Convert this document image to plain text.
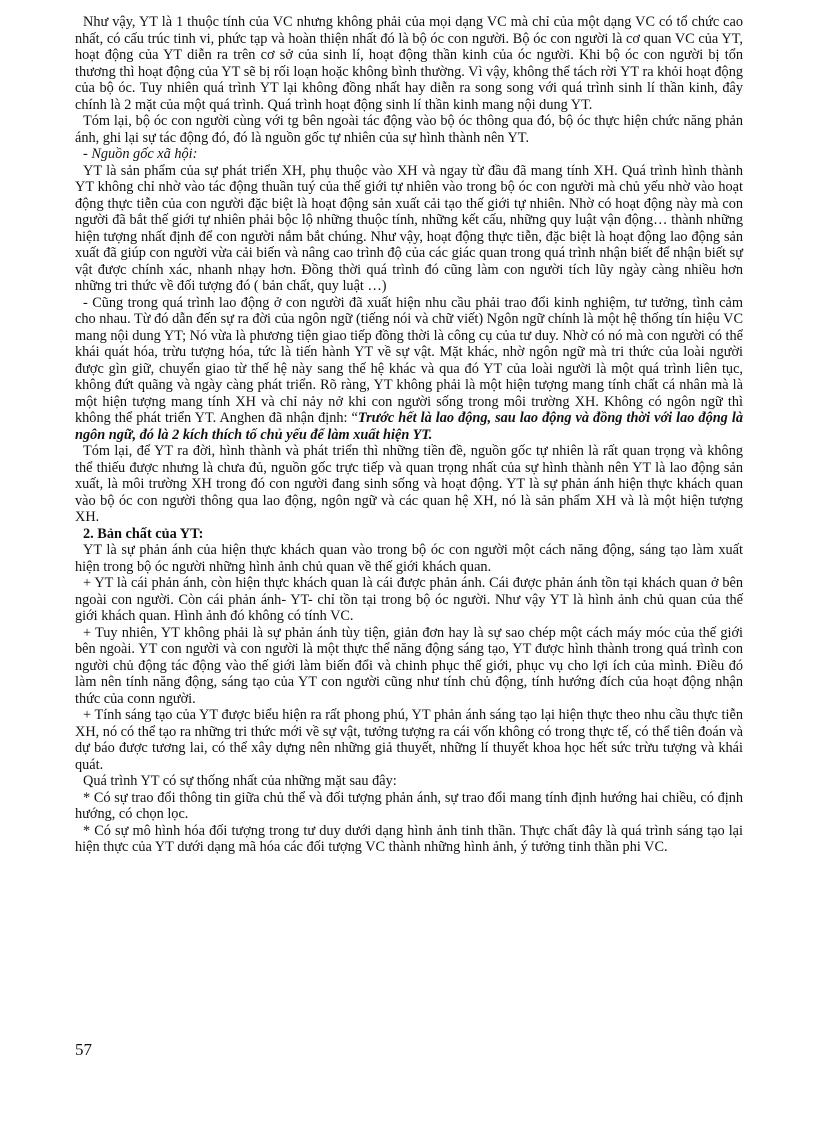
Như vậy, YT là 1 thuộc tính của VC nhưng không phải của mọi dạng VC mà chỉ của một dạng VC có tổ chức cao nhất, có cấu trúc tinh vi, phức tạp và hoàn thiện nhất đó là bộ óc con người. Bộ óc con người là cơ quan VC của YT, hoạt động của YT diễn ra trên cơ sở của sinh lí, hoạt động thần kinh của óc người. Khi bộ óc con người bị tổn thương thì hoạt động của YT sẽ bị rối loạn hoặc không bình thường. Vì vậy, không thể tách rời YT ra khỏi hoạt động của bộ óc. Tuy nhiên quá trình YT lại không đồng nhất hay diễn ra song song với quá trình sinh lí thần kinh, đây chính là 2 mặt của một quá trình. Quá trình hoạt động sinh lí thần kinh mang nội dung YT.

Tóm lại, bộ óc con người cùng với tg bên ngoài tác động vào bộ óc thông qua đó, bộ óc thực hiện chức năng phản ánh, ghi lại sự tác động đó, đó là nguồn gốc tự nhiên của sự hình thành nên YT.

- Nguồn gốc xã hội:

YT là sản phẩm của sự phát triển XH, phụ thuộc vào XH và ngay từ đầu đã mang tính XH. Quá trình hình thành YT không chỉ nhờ vào tác động thuần tuý của thế giới tự nhiên vào trong bộ óc con người mà chủ yếu nhờ vào hoạt động thực tiễn của con người đặc biệt là hoạt động sản xuất cải tạo thế giới tự nhiên. Nhờ có hoạt động này mà con người đã bắt thế giới tự nhiên phải bộc lộ những thuộc tính, những kết cấu, những quy luật vận động… thành những hiện tượng nhất định để con người nắm bắt chúng. Như vậy, hoạt động thực tiễn, đặc biệt là hoạt động lao động sản xuất đã giúp con người vừa cải biến và nâng cao trình độ của các giác quan trong quá trình nhận biết để nhận biết sự vật được chính xác, nhanh nhạy hơn. Đồng thời quá trình đó cũng làm con người tích lũy ngày càng nhiều hơn những tri thức về đối tượng đó ( bản chất, quy luật …)

- Cũng trong quá trình lao động ở con người đã xuất hiện nhu cầu phải trao đổi kinh nghiệm, tư tưởng, tình cảm cho nhau. Từ đó dẫn đến sự ra đời của ngôn ngữ (tiếng nói và chữ viết) Ngôn ngữ chính là một hệ thống tín hiệu VC mang nội dung YT; Nó vừa là phương tiện giao tiếp đồng thời là công cụ của tư duy. Nhờ có nó mà con người có thể khái quát hóa, trừu tượng hóa, tức là tiến hành YT về sự vật. Mặt khác, nhờ ngôn ngữ mà tri thức của loài người được gìn giữ, chuyển giao từ thế hệ này sang thế hệ khác và qua đó YT của loài người là một quá trình liên tục, không đứt quãng và ngày càng phát triển. Rõ ràng, YT không phải là một hiện tượng mang tính chất cá nhân mà là một hiện tượng mang tính XH và chỉ nảy nở khi con người sống trong môi trường XH. Không có ngôn ngữ thì không thể phát triển YT. Anghen đã nhận định: “Trước hết là lao động, sau lao động và đồng thời với lao động là ngôn ngữ, đó là 2 kích thích tố chủ yếu để làm xuất hiện YT.

Tóm lại, để YT ra đời, hình thành và phát triển thì những tiền đề, nguồn gốc tự nhiên là rất quan trọng và không thể thiếu được nhưng là chưa đủ, nguồn gốc trực tiếp và quan trọng nhất của sự hình thành nên YT là lao động sản xuất, là môi trường XH trong đó con người đang sinh sống và hoạt động. YT là sự phản ánh hiện thực khách quan vào bộ óc con người thông qua lao động, ngôn ngữ và các quan hệ XH, nó là sản phẩm XH và là một hiện tượng XH.

2. Bản chất của YT:

YT là sự phản ánh của hiện thực khách quan vào trong bộ óc con người một cách năng động, sáng tạo làm xuất hiện trong bộ óc người những hình ảnh chủ quan về thế giới khách quan.

+ YT là cái phản ánh, còn hiện thực khách quan là cái được phản ánh. Cái được phản ánh tồn tại khách quan ở bên ngoài con người. Còn cái phản ánh- YT- chỉ tồn tại trong bộ óc người. Như vậy YT là hình ảnh chủ quan của thế giới khách quan. Hình ảnh đó không có tính VC.

+ Tuy nhiên, YT không phải là sự phản ánh tùy tiện, giản đơn hay là sự sao chép một cách máy móc của thế giới bên ngoài. YT con người và con người là một thực thể năng động sáng tạo, YT được hình thành trong quá trình con người chủ động tác động vào thế giới làm biến đổi và chinh phục thế giới, phục vụ cho lợi ích của mình. Điều đó làm nên tính năng động, sáng tạo của YT con người cũng như tính chủ động, tính hướng đích của hoạt động nhận thức của conn người.

+ Tính sáng tạo của YT được biểu hiện ra rất phong phú, YT phản ánh sáng tạo lại hiện thực theo nhu cầu thực tiễn XH, nó có thể tạo ra những tri thức mới về sự vật, tưởng tượng ra cái vốn không có trong thực tế, có thể tiên đoán và dự báo được tương lai, có thể xây dựng nên những giả thuyết, những lí thuyết khoa học hết sức trừu tượng và khái quát.

Quá trình YT có sự thống nhất của những mặt sau đây:

* Có sự trao đổi thông tin giữa chủ thể và đối tượng phản ánh, sự trao đổi mang tính định hướng hai chiều, có định hướng, có chọn lọc.

* Có sự mô hình hóa đối tượng trong tư duy dưới dạng hình ảnh tinh thần. Thực chất đây là quá trình sáng tạo lại hiện thực của YT dưới dạng mã hóa các đối tượng VC thành những hình ảnh, ý tưởng tinh thần phi VC.

57
